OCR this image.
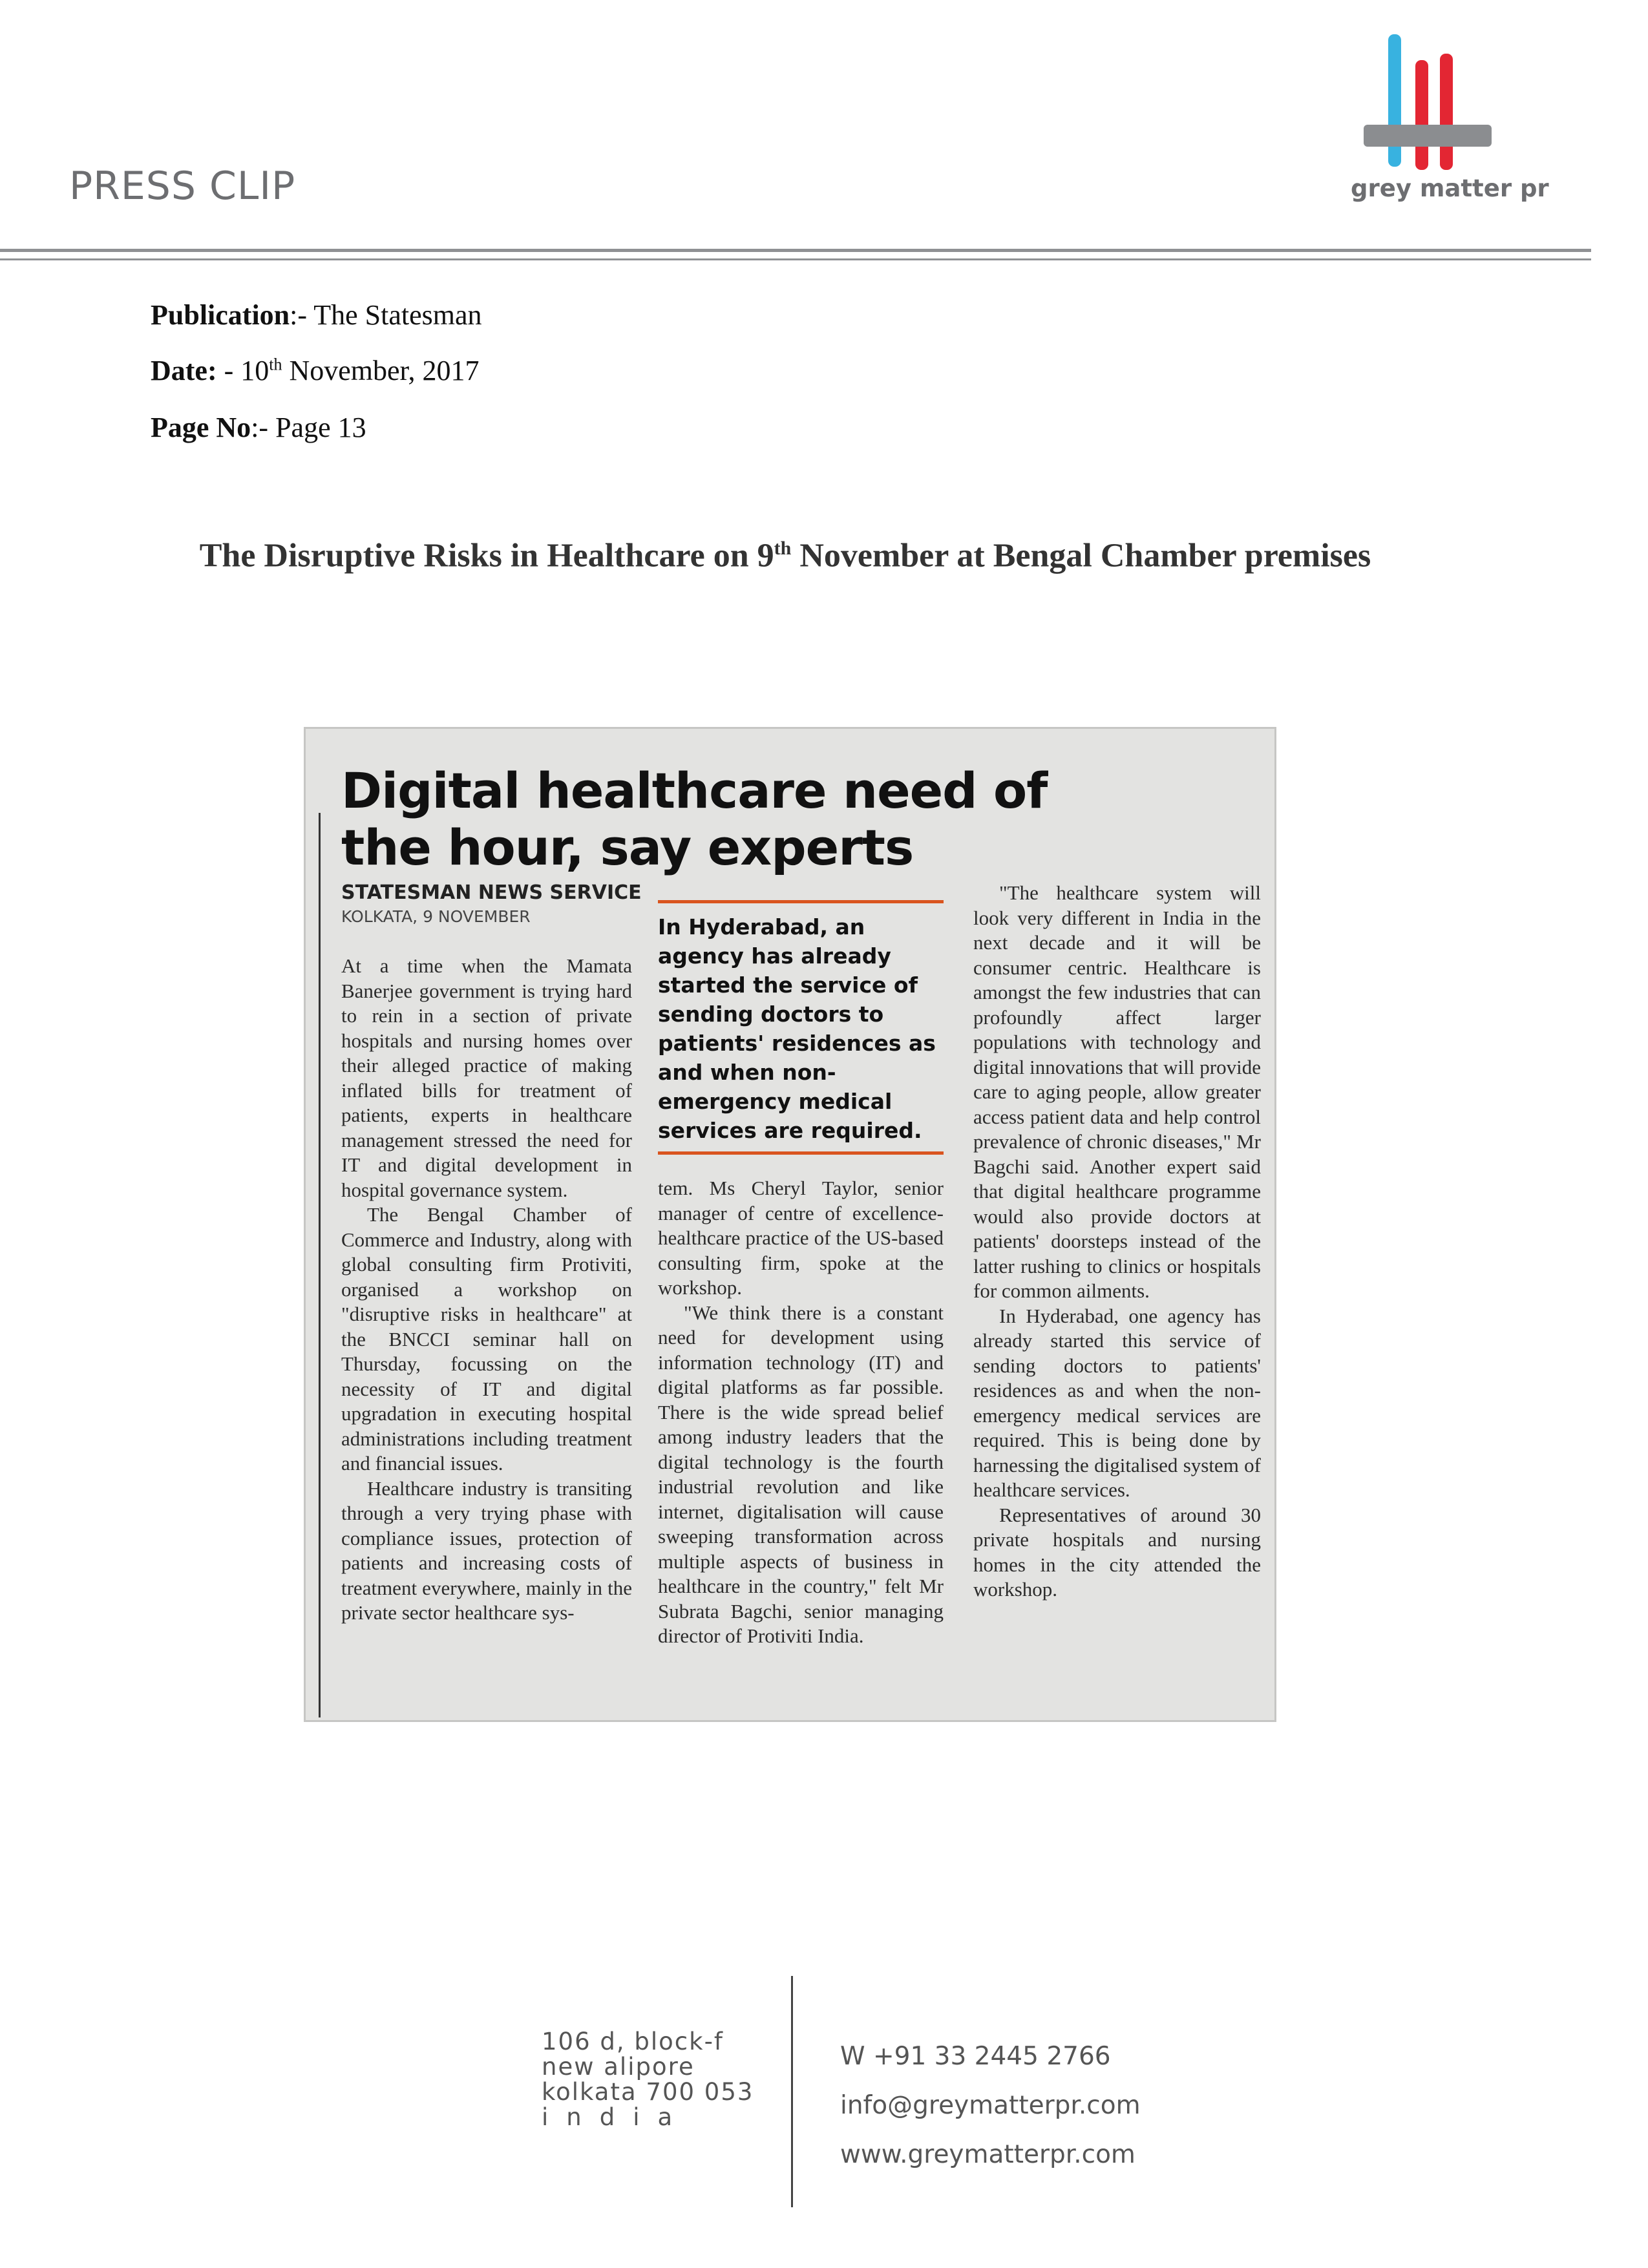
PRESS CLIP	grey matter pr
Publication:- The Statesman
Date: - 10th November, 2017
Page No:- Page 13
The Disruptive Risks in Healthcare on 9th November at Bengal Chamber premises
Digital healthcare need of
the hour, say experts
STATESMAN NEWS SERVICE
KOLKATA, 9 NOVEMBER

At a time when the Mamata Banerjee government is trying hard to rein in a section of private hospitals and nursing homes over their alleged practice of making inflated bills for treatment of patients, experts in healthcare management stressed the need for IT and digital development in hospital governance system.

The Bengal Chamber of Commerce and Industry, along with global consulting firm Protiviti, organised a workshop on "disruptive risks in healthcare" at the BNCCI seminar hall on Thursday, focussing on the necessity of IT and digital upgradation in executing hospital administrations including treatment and financial issues.

Healthcare industry is transiting through a very trying phase with compliance issues, protection of patients and increasing costs of treatment everywhere, mainly in the private sector healthcare sys-

In Hyderabad, an agency has already started the service of sending doctors to patients' residences as and when non-emergency medical services are required.

tem. Ms Cheryl Taylor, senior manager of centre of excellence-healthcare practice of the US-based consulting firm, spoke at the workshop.

"We think there is a constant need for development using information technology (IT) and digital platforms as far possible. There is the wide spread belief among industry leaders that the digital technology is the fourth industrial revolution and like internet, digitalisation will cause sweeping transformation across multiple aspects of business in healthcare in the country," felt Mr Subrata Bagchi, senior managing director of Protiviti India.

"The healthcare system will look very different in India in the next decade and it will be consumer centric. Healthcare is amongst the few industries that can profoundly affect larger populations with technology and digital innovations that will provide care to aging people, allow greater access patient data and help control prevalence of chronic diseases," Mr Bagchi said. Another expert said that digital healthcare programme would also provide doctors at patients' doorsteps instead of the latter rushing to clinics or hospitals for common ailments.

In Hyderabad, one agency has already started this service of sending doctors to patients' residences as and when the non-emergency medical services are required. This is being done by harnessing the digitalised system of healthcare services.

Representatives of around 30 private hospitals and nursing homes in the city attended the workshop.

106 d, block-f
new alipore
kolkata 700 053
india
W +91 33 2445 2766
info@greymatterpr.com
www.greymatterpr.com
